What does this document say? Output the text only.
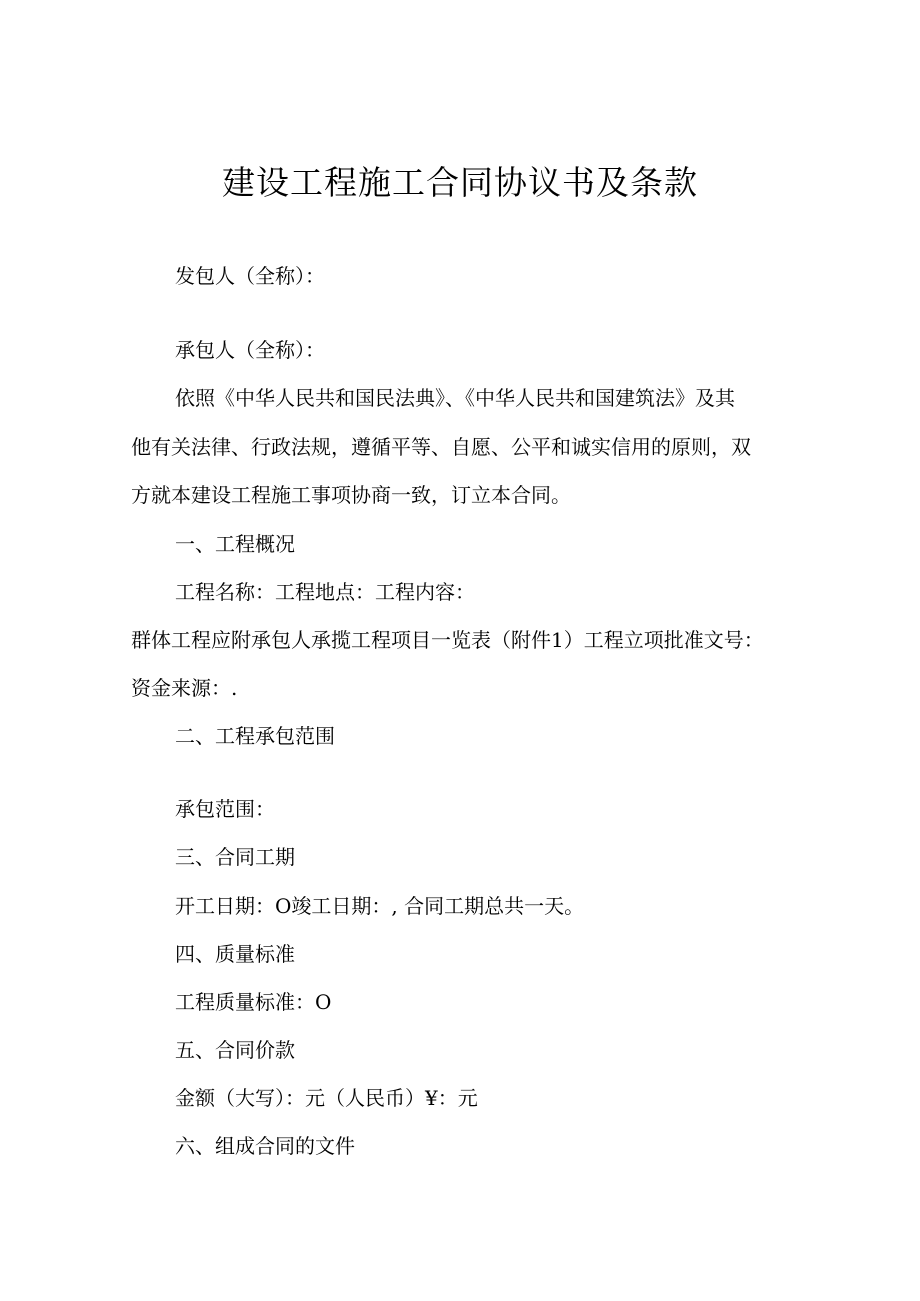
建设工程施工合同协议书及条款

发包人（全称）：

承包人（全称）：

依照《中华人民共和国民法典》、《中华人民共和国建筑法》及其

他有关法律、行政法规，遵循平等、自愿、公平和诚实信用的原则，双

方就本建设工程施工事项协商一致，订立本合同。

一、工程概况

工程名称：工程地点：工程内容：

群体工程应附承包人承揽工程项目一览表（附件1）工程立项批准文号：

资金来源：.

二、工程承包范围

承包范围：

三、合同工期

开工日期：O竣工日期：, 合同工期总共一天。

四、质量标准

工程质量标准：O

五、合同价款

金额（大写）：元（人民币）¥：元

六、组成合同的文件
